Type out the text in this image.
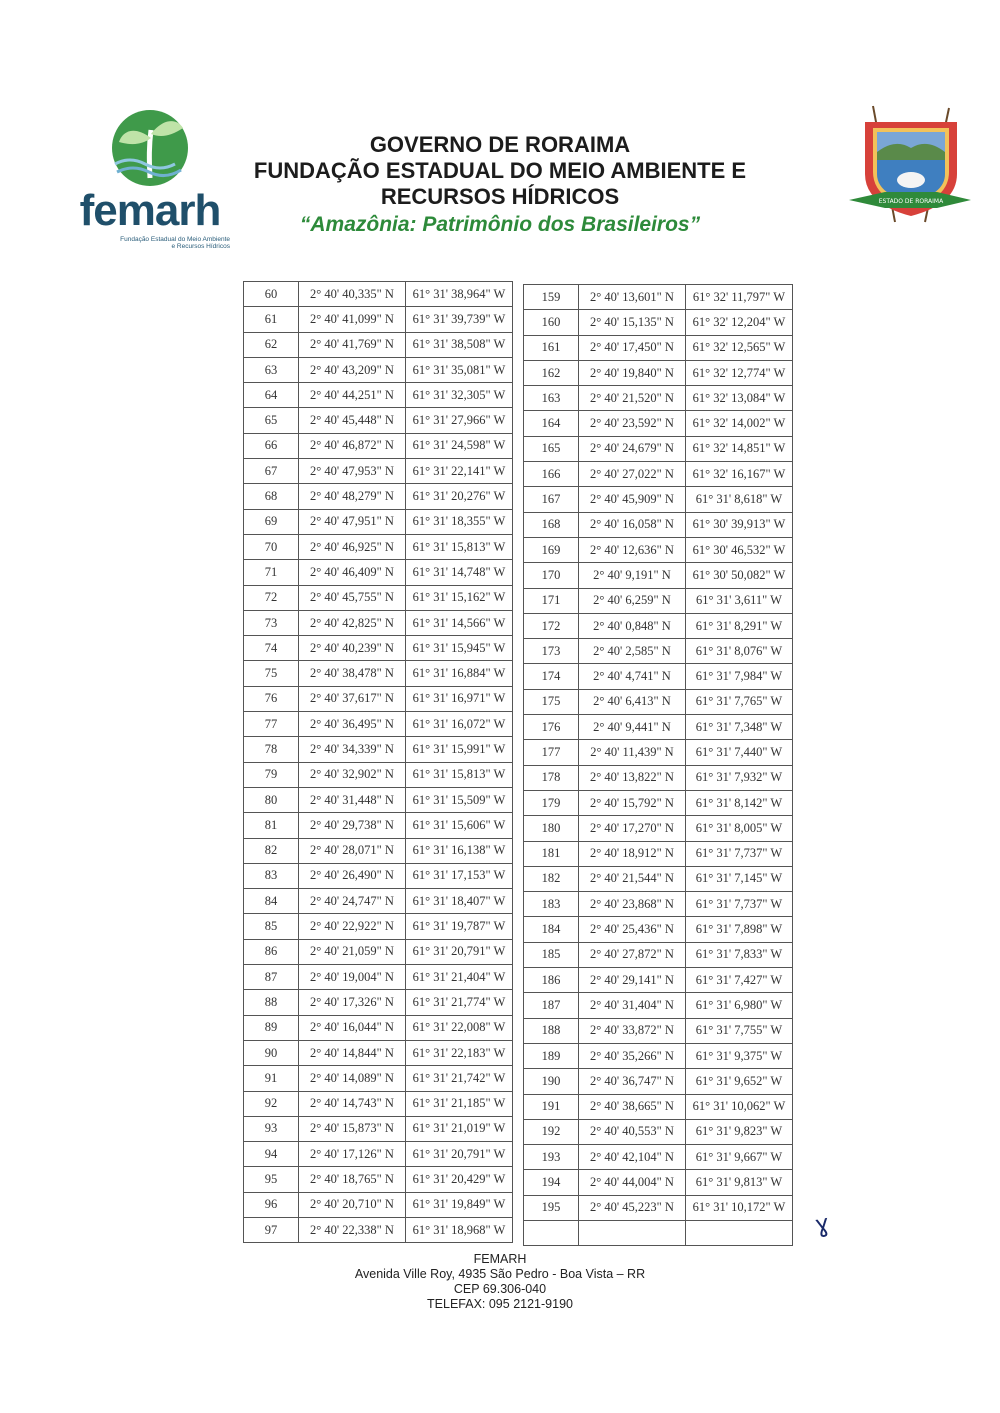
femarh
Fundação Estadual do Meio Ambiente
e Recursos Hídricos
GOVERNO DE RORAIMA
FUNDAÇÃO ESTADUAL DO MEIO AMBIENTE E
RECURSOS HÍDRICOS
“Amazônia: Patrimônio dos Brasileiros”
ESTADO DE RORAIMA
60	2° 40' 40,335" N	61° 31' 38,964" W
61	2° 40' 41,099" N	61° 31' 39,739" W
62	2° 40' 41,769" N	61° 31' 38,508" W
63	2° 40' 43,209" N	61° 31' 35,081" W
64	2° 40' 44,251" N	61° 31' 32,305" W
65	2° 40' 45,448" N	61° 31' 27,966" W
66	2° 40' 46,872" N	61° 31' 24,598" W
67	2° 40' 47,953" N	61° 31' 22,141" W
68	2° 40' 48,279" N	61° 31' 20,276" W
69	2° 40' 47,951" N	61° 31' 18,355" W
70	2° 40' 46,925" N	61° 31' 15,813" W
71	2° 40' 46,409" N	61° 31' 14,748" W
72	2° 40' 45,755" N	61° 31' 15,162" W
73	2° 40' 42,825" N	61° 31' 14,566" W
74	2° 40' 40,239" N	61° 31' 15,945" W
75	2° 40' 38,478" N	61° 31' 16,884" W
76	2° 40' 37,617" N	61° 31' 16,971" W
77	2° 40' 36,495" N	61° 31' 16,072" W
78	2° 40' 34,339" N	61° 31' 15,991" W
79	2° 40' 32,902" N	61° 31' 15,813" W
80	2° 40' 31,448" N	61° 31' 15,509" W
81	2° 40' 29,738" N	61° 31' 15,606" W
82	2° 40' 28,071" N	61° 31' 16,138" W
83	2° 40' 26,490" N	61° 31' 17,153" W
84	2° 40' 24,747" N	61° 31' 18,407" W
85	2° 40' 22,922" N	61° 31' 19,787" W
86	2° 40' 21,059" N	61° 31' 20,791" W
87	2° 40' 19,004" N	61° 31' 21,404" W
88	2° 40' 17,326" N	61° 31' 21,774" W
89	2° 40' 16,044" N	61° 31' 22,008" W
90	2° 40' 14,844" N	61° 31' 22,183" W
91	2° 40' 14,089" N	61° 31' 21,742" W
92	2° 40' 14,743" N	61° 31' 21,185" W
93	2° 40' 15,873" N	61° 31' 21,019" W
94	2° 40' 17,126" N	61° 31' 20,791" W
95	2° 40' 18,765" N	61° 31' 20,429" W
96	2° 40' 20,710" N	61° 31' 19,849" W
97	2° 40' 22,338" N	61° 31' 18,968" W
159	2° 40' 13,601" N	61° 32' 11,797" W
160	2° 40' 15,135" N	61° 32' 12,204" W
161	2° 40' 17,450" N	61° 32' 12,565" W
162	2° 40' 19,840" N	61° 32' 12,774" W
163	2° 40' 21,520" N	61° 32' 13,084" W
164	2° 40' 23,592" N	61° 32' 14,002" W
165	2° 40' 24,679" N	61° 32' 14,851" W
166	2° 40' 27,022" N	61° 32' 16,167" W
167	2° 40' 45,909" N	61° 31' 8,618" W
168	2° 40' 16,058" N	61° 30' 39,913" W
169	2° 40' 12,636" N	61° 30' 46,532" W
170	2° 40' 9,191" N	61° 30' 50,082" W
171	2° 40' 6,259" N	61° 31' 3,611" W
172	2° 40' 0,848" N	61° 31' 8,291" W
173	2° 40' 2,585" N	61° 31' 8,076" W
174	2° 40' 4,741" N	61° 31' 7,984" W
175	2° 40' 6,413" N	61° 31' 7,765" W
176	2° 40' 9,441" N	61° 31' 7,348" W
177	2° 40' 11,439" N	61° 31' 7,440" W
178	2° 40' 13,822" N	61° 31' 7,932" W
179	2° 40' 15,792" N	61° 31' 8,142" W
180	2° 40' 17,270" N	61° 31' 8,005" W
181	2° 40' 18,912" N	61° 31' 7,737" W
182	2° 40' 21,544" N	61° 31' 7,145" W
183	2° 40' 23,868" N	61° 31' 7,737" W
184	2° 40' 25,436" N	61° 31' 7,898" W
185	2° 40' 27,872" N	61° 31' 7,833" W
186	2° 40' 29,141" N	61° 31' 7,427" W
187	2° 40' 31,404" N	61° 31' 6,980" W
188	2° 40' 33,872" N	61° 31' 7,755" W
189	2° 40' 35,266" N	61° 31' 9,375" W
190	2° 40' 36,747" N	61° 31' 9,652" W
191	2° 40' 38,665" N	61° 31' 10,062" W
192	2° 40' 40,553" N	61° 31' 9,823" W
193	2° 40' 42,104" N	61° 31' 9,667" W
194	2° 40' 44,004" N	61° 31' 9,813" W
195	2° 40' 45,223" N	61° 31' 10,172" W

ɣ
FEMARH
Avenida Ville Roy, 4935 São Pedro - Boa Vista – RR
CEP 69.306-040
TELEFAX: 095 2121-9190
